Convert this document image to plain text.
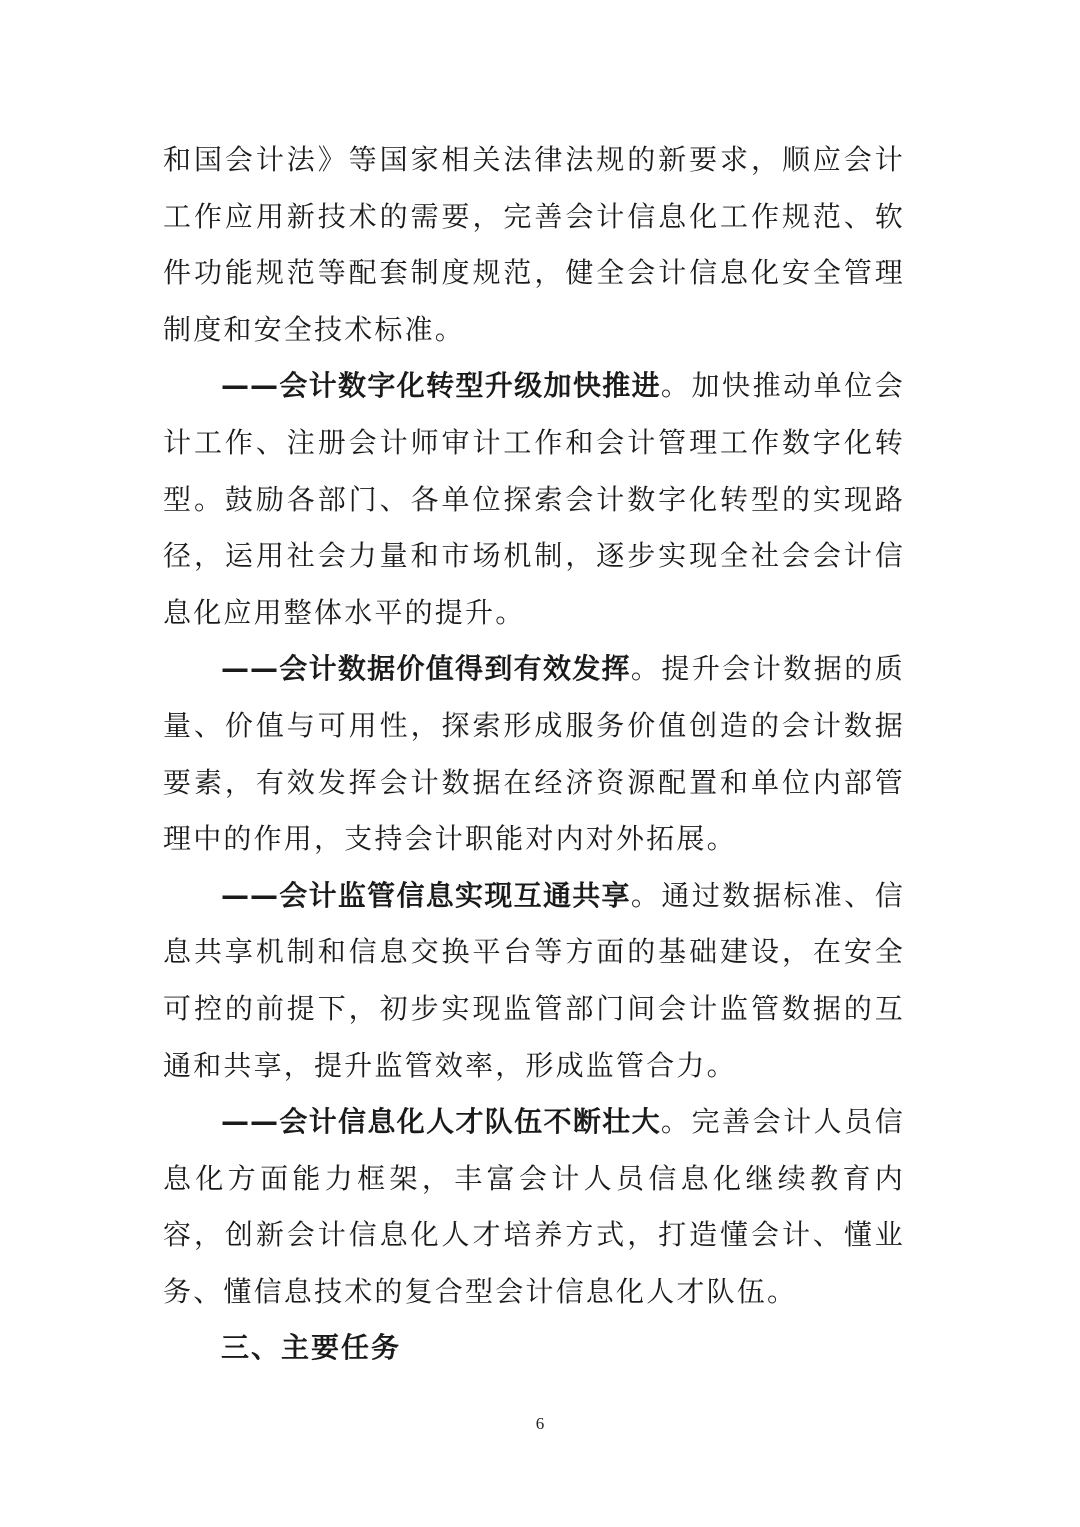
和国会计法》等国家相关法律法规的新要求，顺应会计工作应用新技术的需要，完善会计信息化工作规范、软件功能规范等配套制度规范，健全会计信息化安全管理制度和安全技术标准。

——会计数字化转型升级加快推进。加快推动单位会计工作、注册会计师审计工作和会计管理工作数字化转型。鼓励各部门、各单位探索会计数字化转型的实现路径，运用社会力量和市场机制，逐步实现全社会会计信息化应用整体水平的提升。

——会计数据价值得到有效发挥。提升会计数据的质量、价值与可用性，探索形成服务价值创造的会计数据要素，有效发挥会计数据在经济资源配置和单位内部管理中的作用，支持会计职能对内对外拓展。

——会计监管信息实现互通共享。通过数据标准、信息共享机制和信息交换平台等方面的基础建设，在安全可控的前提下，初步实现监管部门间会计监管数据的互通和共享，提升监管效率，形成监管合力。

——会计信息化人才队伍不断壮大。完善会计人员信息化方面能力框架，丰富会计人员信息化继续教育内容，创新会计信息化人才培养方式，打造懂会计、懂业务、懂信息技术的复合型会计信息化人才队伍。

三、主要任务

6
